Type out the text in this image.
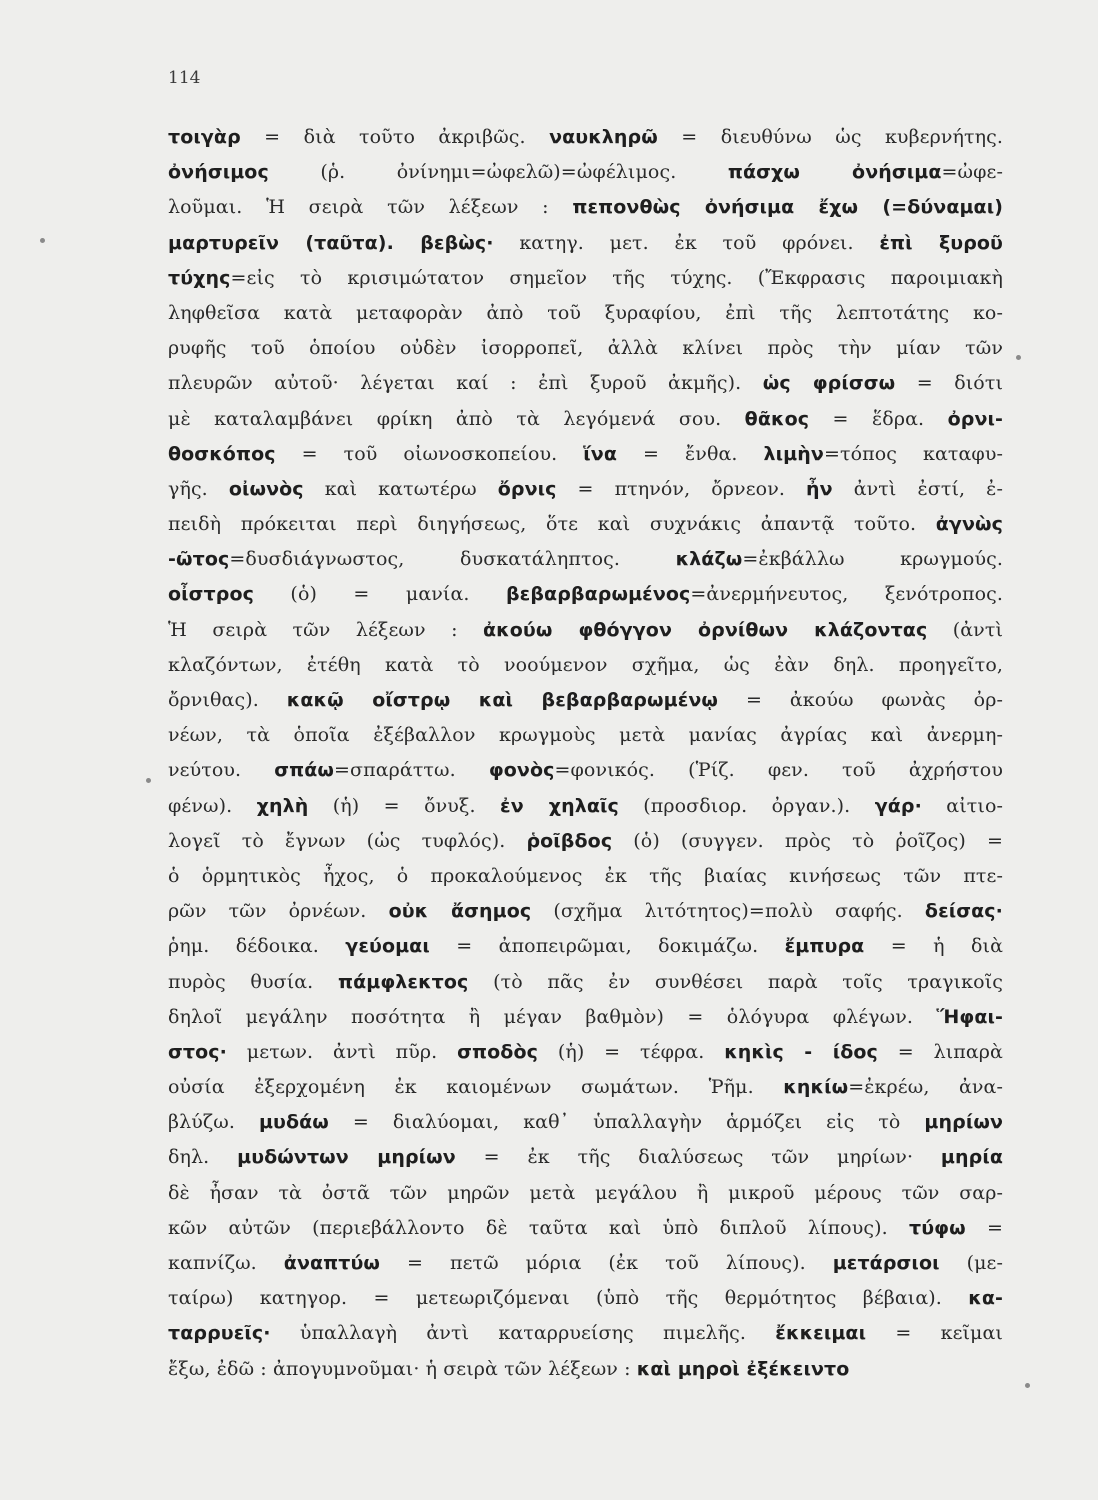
114
τοιγὰρ = διὰ τοῦτο ἀκριβῶς. ναυκληρῶ = διευθύνω ὡς κυβερνήτης.
ὀνήσιμος (ῥ. ὀνίνημι=ὠφελῶ)=ὠφέλιμος. πάσχω ὀνήσιμα=ὠφε-
λοῦμαι. Ἡ σειρὰ τῶν λέξεων : πεπονθὼς ὀνήσιμα ἔχω (=δύναμαι)
μαρτυρεῖν (ταῦτα). βεβὼς· κατηγ. μετ. ἐκ τοῦ φρόνει. ἐπὶ ξυροῦ
τύχης=εἰς τὸ κρισιμώτατον σημεῖον τῆς τύχης. (Ἔκφρασις παροιμιακὴ
ληφθεῖσα κατὰ μεταφορὰν ἀπὸ τοῦ ξυραφίου, ἐπὶ τῆς λεπτοτάτης κο-
ρυφῆς τοῦ ὁποίου οὐδὲν ἰσορροπεῖ, ἀλλὰ κλίνει πρὸς τὴν μίαν τῶν
πλευρῶν αὐτοῦ· λέγεται καί : ἐπὶ ξυροῦ ἀκμῆς). ὡς φρίσσω = διότι
μὲ καταλαμβάνει φρίκη ἀπὸ τὰ λεγόμενά σου. θᾶκος = ἕδρα. ὀρνι-
θοσκόπος = τοῦ οἰωνοσκοπείου. ἵνα = ἔνθα. λιμὴν=τόπος καταφυ-
γῆς. οἰωνὸς καὶ κατωτέρω ὄρνις = πτηνόν, ὄρνεον. ἦν ἀντὶ ἐστί, ἐ-
πειδὴ πρόκειται περὶ διηγήσεως, ὅτε καὶ συχνάκις ἀπαντᾷ τοῦτο. ἀγνὼς
-ῶτος=δυσδιάγνωστος, δυσκατάληπτος. κλάζω=ἐκβάλλω κρωγμούς.
οἶστρος (ὁ) = μανία. βεβαρβαρωμένος=ἀνερμήνευτος, ξενότροπος.
Ἡ σειρὰ τῶν λέξεων : ἀκούω φθόγγον ὀρνίθων κλάζοντας (ἀντὶ
κλαζόντων, ἐτέθη κατὰ τὸ νοούμενον σχῆμα, ὡς ἐὰν δηλ. προηγεῖτο,
ὄρνιθας). κακῷ οἴστρῳ καὶ βεβαρβαρωμένῳ = ἀκούω φωνὰς ὀρ-
νέων, τὰ ὁποῖα ἐξέβαλλον κρωγμοὺς μετὰ μανίας ἀγρίας καὶ ἀνερμη-
νεύτου. σπάω=σπαράττω. φονὸς=φονικός. (Ῥίζ. φεν. τοῦ ἀχρήστου
φένω). χηλὴ (ἡ) = ὄνυξ. ἐν χηλαῖς (προσδιορ. ὀργαν.). γάρ· αἰτιο-
λογεῖ τὸ ἔγνων (ὡς τυφλός). ῥοῖβδος (ὁ) (συγγεν. πρὸς τὸ ῥοῖζος) =
ὁ ὁρμητικὸς ἦχος, ὁ προκαλούμενος ἐκ τῆς βιαίας κινήσεως τῶν πτε-
ρῶν τῶν ὀρνέων. οὐκ ἄσημος (σχῆμα λιτότητος)=πολὺ σαφής. δείσας·
ῥημ. δέδοικα. γεύομαι = ἀποπειρῶμαι, δοκιμάζω. ἔμπυρα = ἡ διὰ
πυρὸς θυσία. πάμφλεκτος (τὸ πᾶς ἐν συνθέσει παρὰ τοῖς τραγικοῖς
δηλοῖ μεγάλην ποσότητα ἢ μέγαν βαθμὸν) = ὁλόγυρα φλέγων. Ἥφαι-
στος· μετων. ἀντὶ πῦρ. σποδὸς (ἡ) = τέφρα. κηκὶς - ίδος = λιπαρὰ
οὐσία ἐξερχομένη ἐκ καιομένων σωμάτων. Ῥῆμ. κηκίω=ἐκρέω, ἀνα-
βλύζω. μυδάω = διαλύομαι, καθ᾽ ὑπαλλαγὴν ἁρμόζει εἰς τὸ μηρίων
δηλ. μυδώντων μηρίων = ἐκ τῆς διαλύσεως τῶν μηρίων· μηρία
δὲ ἦσαν τὰ ὀστᾶ τῶν μηρῶν μετὰ μεγάλου ἢ μικροῦ μέρους τῶν σαρ-
κῶν αὐτῶν (περιεβάλλοντο δὲ ταῦτα καὶ ὑπὸ διπλοῦ λίπους). τύφω =
καπνίζω. ἀναπτύω = πετῶ μόρια (ἐκ τοῦ λίπους). μετάρσιοι (με-
ταίρω) κατηγορ. = μετεωριζόμεναι (ὑπὸ τῆς θερμότητος βέβαια). κα-
ταρρυεῖς· ὑπαλλαγὴ ἀντὶ καταρρυείσης πιμελῆς. ἔκκειμαι = κεῖμαι
ἔξω, ἐδῶ : ἀπογυμνοῦμαι· ἡ σειρὰ τῶν λέξεων : καὶ μηροὶ ἐξέκειντο
